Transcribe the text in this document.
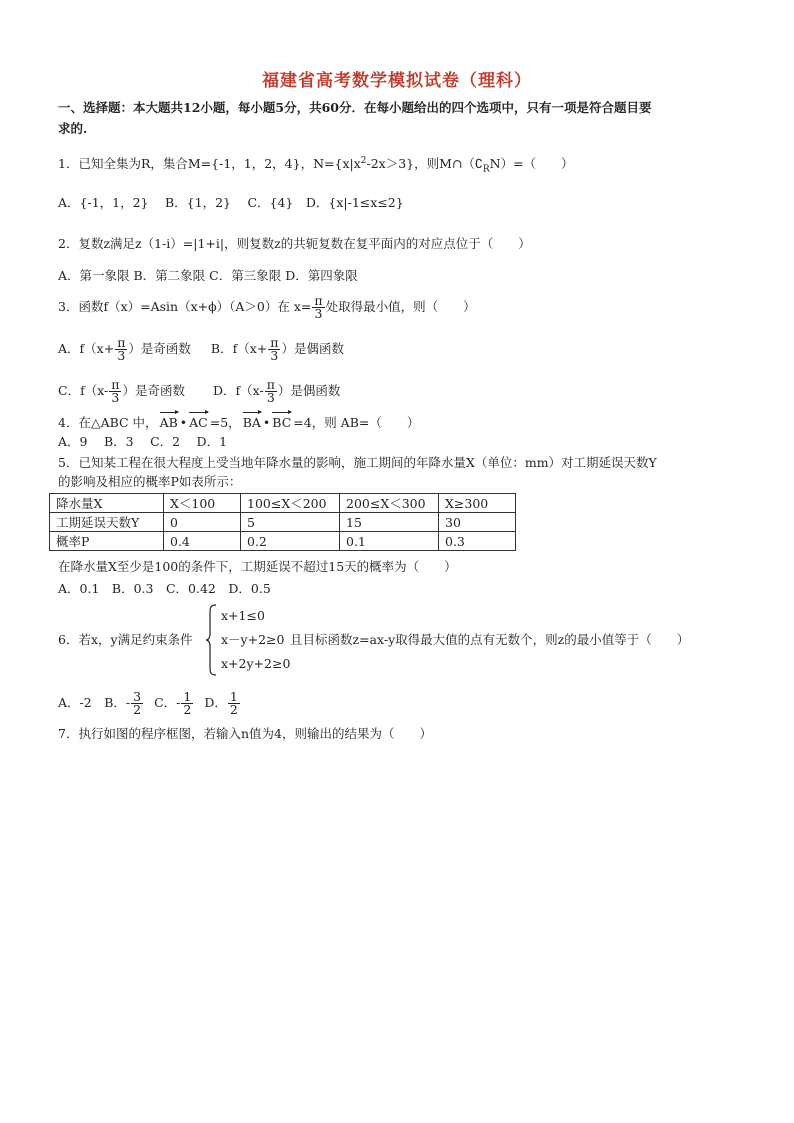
福建省高考数学模拟试卷（理科）
一、选择题：本大题共12小题，每小题5分，共60分．在每小题给出的四个选项中，只有一项是符合题目要
求的.
1．已知全集为R，集合M={-1，1，2，4}，$N=\{x|x^2-2x>3\}$，则$M\cap(∁_RN)=$（　　）
A．{-1，1，2}　 B．{1，2}　 C．{4}　D．{x|-1≤x≤2}
2．复数z满足z（1-i）=|1+i|，则复数z的共轭复数在复平面内的对应点位于（　　）
A．第一象限 B．第二象限 C．第三象限 D．第四象限
3．函数f（x）=Asin（x+ϕ）（A＞0）在 $x= \frac{\pi}{3}$ 处取得最小值，则（　　）
A．$f(x+ \frac{\pi}{3}$ ）是奇函数 B．$f(x+ \frac{\pi}{3}$ ）是偶函数
C．$f(x- \frac{\pi}{3}$ ）是奇函数 D．$f(x- \frac{\pi}{3}$ ）是偶函数
4．在△ABC 中， AB • AC =5， BA • BC =4，则 AB=（　　）
A．9　 B．3　 C．2　 D．1
5．已知某工程在很大程度上受当地年降水量的影响，施工期间的年降水量X（单位：mm）对工期延误天数Y
的影响及相应的概率P如表所示：
降水量X	X＜100	100≤X＜200	200≤X＜300	X≥300
工期延误天数Y	0	5	15	30
概率P	0.4	0.2	0.1	0.3
在降水量X至少是100的条件下，工期延误不超过15天的概率为（　　）
A．0.1　B．0.3　C．0.42　D．0.5
6．若x，y满足约束条件
x+1≤0
x－y+2≥0
x+2y+2≥0
且目标函数z=ax-y取得最大值的点有无数个，则z的最小值等于（　　）
A．-2　B．- $\frac{3}{2}$ C．- $\frac{1}{2}$ D． $\frac{1}{2}$
7．执行如图的程序框图，若输入n值为4，则输出的结果为（　　）
